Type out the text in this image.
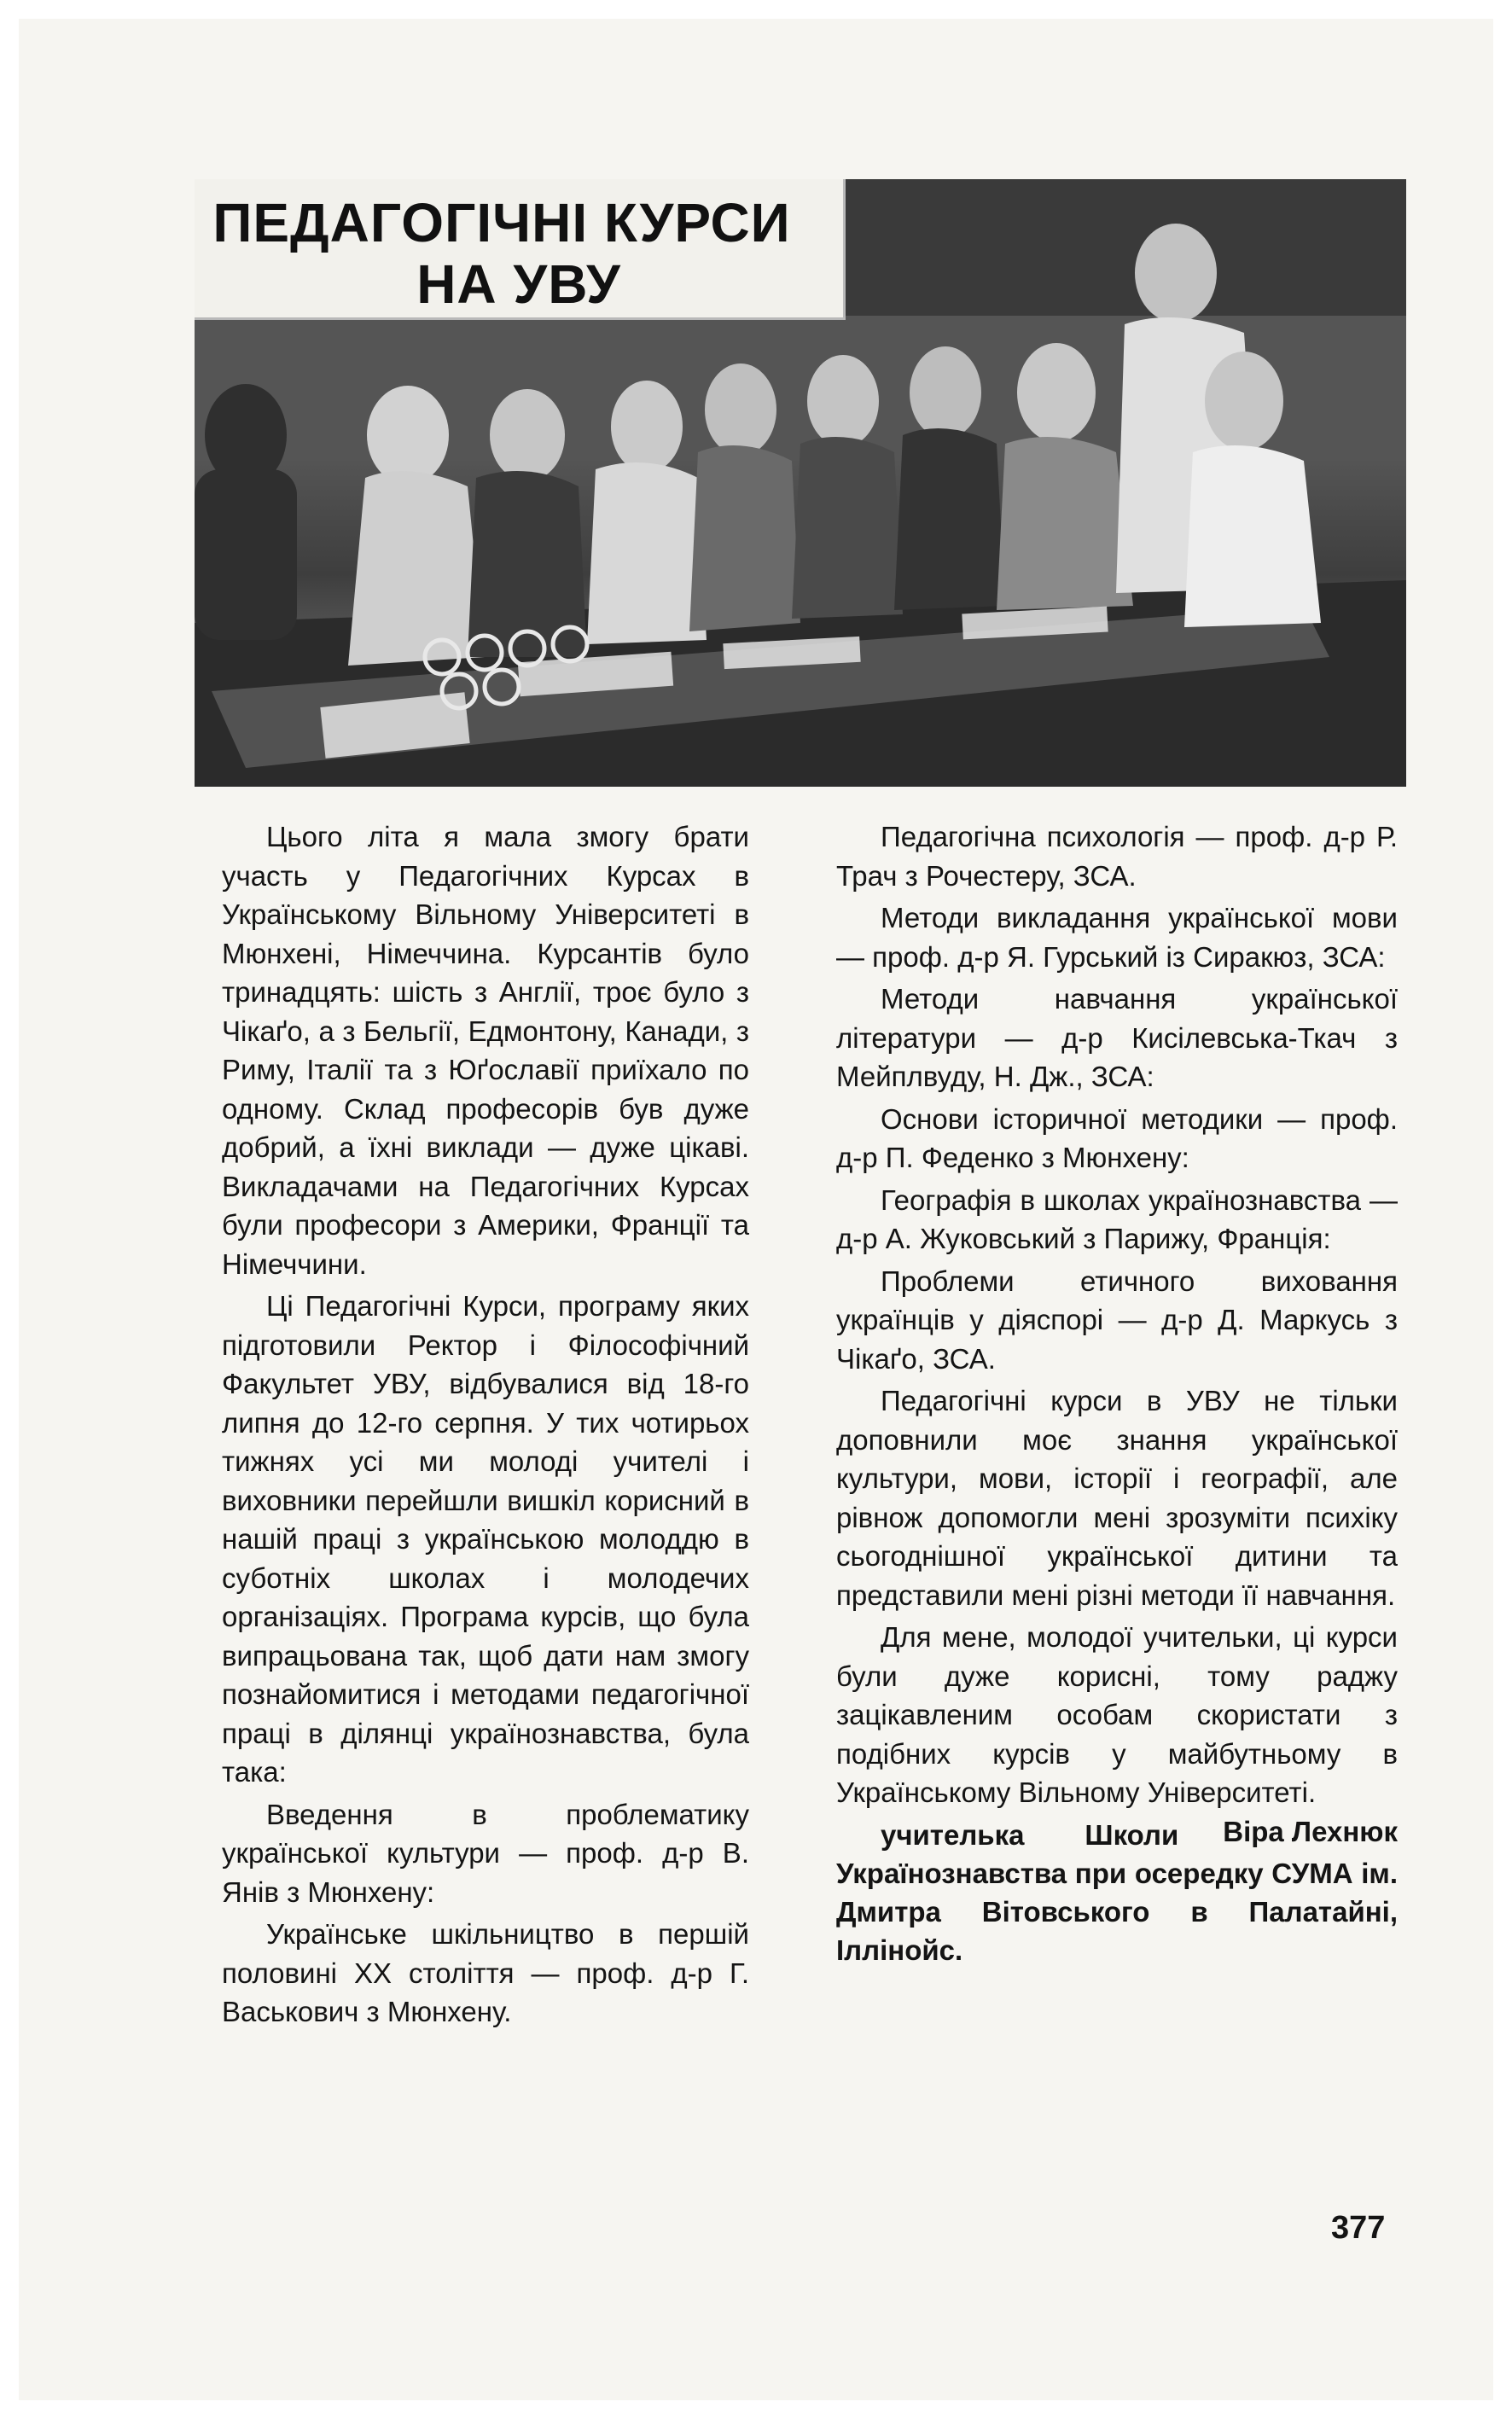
ПЕДАГОГІЧНІ КУРСИ
НА УВУ

Цього літа я мала змогу брати участь у Педагогічних Курсах в Українському Вільному Університеті в Мюнхені, Німеччина. Курсантів було тринадцять: шість з Англії, троє було з Чікаґо, а з Бельгії, Едмонтону, Канади, з Риму, Італії та з Юґославії приїхало по одному. Склад професорів був дуже добрий, а їхні виклади — дуже цікаві. Викладачами на Педагогічних Курсах були професори з Америки, Франції та Німеччини.

Ці Педагогічні Курси, програму яких підготовили Ректор і Філософічний Факультет УВУ, відбувалися від 18-го липня до 12-го серпня. У тих чотирьох тижнях усі ми молоді учителі і виховники перейшли вишкіл корисний в нашій праці з українською молоддю в суботніх школах і молодечих організаціях. Програма курсів, що була випрацьована так, щоб дати нам змогу познайомитися і методами педагогічної праці в ділянці українознавства, була така:

Введення в проблематику української культури — проф. д-р В. Янів з Мюнхену:

Українське шкільництво в першій половині XX століття — проф. д-р Г. Васькович з Мюнхену.

Педагогічна психологія — проф. д-р Р. Трач з Рочестеру, ЗСА.

Методи викладання української мови — проф. д-р Я. Гурський із Сиракюз, ЗСА:

Методи навчання української літератури — д-р Кисілевська-Ткач з Мейплвуду, Н. Дж., ЗСА:

Основи історичної методики — проф. д-р П. Феденко з Мюнхену:

Географія в школах українознавства — д-р А. Жуковський з Парижу, Франція:

Проблеми етичного виховання українців у діяспорі — д-р Д. Маркусь з Чікаґо, ЗСА.

Педагогічні курси в УВУ не тільки доповнили моє знання української культури, мови, історії і географії, але рівнож допомогли мені зрозуміти психіку сьогоднішної української дитини та представили мені різні методи її навчання.

Для мене, молодої учительки, ці курси були дуже корисні, тому раджу зацікавленим особам скористати з подібних курсів у майбутньому в Українському Вільному Університеті.
Віра Лехнюк

учителька Школи Українознавства при осередку СУМА ім. Дмитра Вітовського в Палатайні, Іллінойс.

377
